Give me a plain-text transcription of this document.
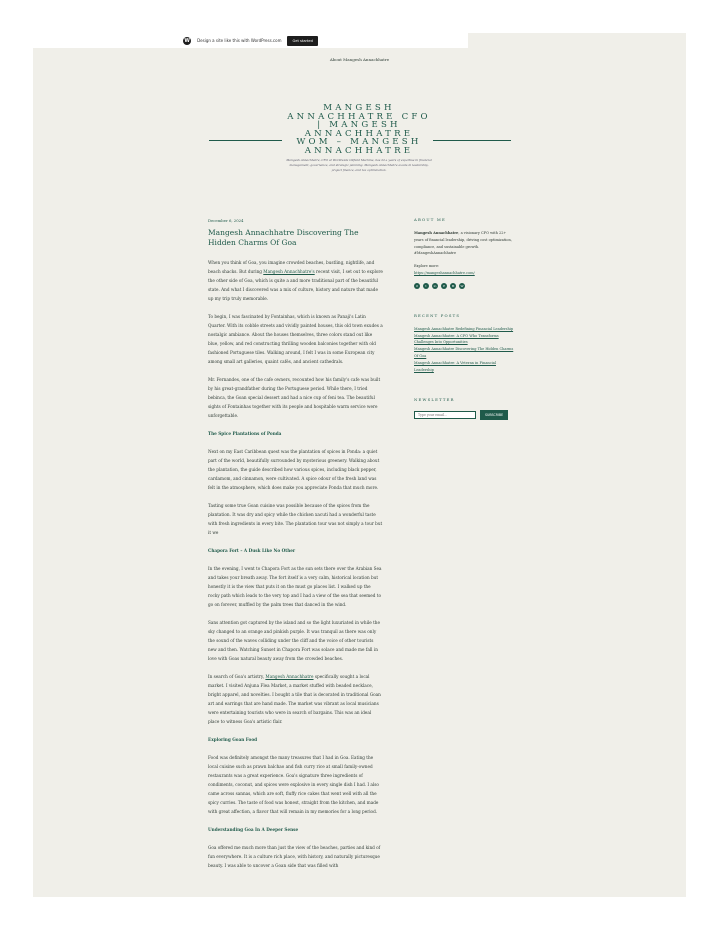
W	Design a site like this with WordPress.com	Get started
About Mangesh Annachhatre
MANGESH ANNACHHATRE CFO | MANGESH ANNACHHATRE WOM – MANGESH ANNACHHATRE
Mangesh Annachhatre, CFO at Worldwide Oilfield Machine, has 22+ years of expertise in financial management, governance, and strategic planning. Mangesh Annachhatre excels in leadership, project finance, and tax optimization.
December 6, 2024
Mangesh Annachhatre Discovering The Hidden Charms Of Goa

When you think of Goa, you imagine crowded beaches, bustling, nightlife, and beach shacks. But during Mangesh Annachhatre's recent visit, I set out to explore the other side of Goa, which is quite a and more traditional part of the beautiful state. And what I discovered was a mix of culture, history and nature that made up my trip truly memorable.

To begin, I was fascinated by Fontainhas, which is known as Panaji's Latin Quarter. With its cobble streets and vividly painted houses, this old town exudes a nostalgic ambiance. About the houses themselves, three colors stand out like blue, yellow, and red constructing thrilling wooden balconies together with old fashioned Portuguese tiles. Walking around, I felt I was in some European city among small art galleries, quaint cafés, and ancient cathedrals.

Mr. Fernandes, one of the cafe owners, recounted how his family's cafe was built by his great-grandfather during the Portuguese period. While there, I tried bebinca, the Goan special dessert and had a nice cup of feni tea. The beautiful sights of Fontainhas together with its people and hospitable warm service were unforgettable.

The Spice Plantations of Ponda

Next on my East Caribbean quest was the plantation of spices in Ponda: a quiet part of the world, beautifully surrounded by mysterious greenery. Walking about the plantation, the guide described how various spices, including black pepper, cardamom, and cinnamon, were cultivated. A spice odour of the fresh land was felt in the atmosphere, which does make you appreciate Ponda that much more.

Tasting some true Goan cuisine was possible because of the spices from the plantation. It was dry and spicy while the chicken xacuti had a wonderful taste with fresh ingredients in every bite. The plantation tour was not simply a tour but it we

Chapora Fort – A Dusk Like No Other

In the evening, I went to Chapora Fort as the sun sets there over the Arabian Sea and takes your breath away. The fort itself is a very calm, historical location but honestly it is the view that puts it on the must go places list. I walked up the rocky path which leads to the very top and I had a view of the sea that seemed to go on forever, muffled by the palm trees that danced in the wind.

Sans attention got captured by the island and so the light luxuriated in while the sky changed to an orange and pinkish purple. It was tranquil as there was only the sound of the waves colliding under the cliff and the voice of other tourists new and then. Watching Sunset in Chapora Fort was solace and made me fall in love with Goas natural beauty away from the crowded beaches.

In search of Goa's artistry, Mangesh Annachhatre specifically sought a local market. I visited Anjuna Flea Market, a market stuffed with beaded necklace, bright apparel, and novelties. I bought a tile that is decorated in traditional Goan art and earrings that are hand made. The market was vibrant as local musicians were entertaining tourists who were in search of bargains. This was an ideal place to witness Goa's artistic flair.

Exploring Goan Food

Food was definitely amongst the many treasures that I had in Goa. Eating the local cuisine such as prawn balchao and fish curry rice at small family-owned restaurants was a great experience. Goa's signature three ingredients of condiments, coconut, and spices were explosive in every single dish I had. I also came across sannas, which are soft, fluffy rice cakes that went well with all the spicy curries. The taste of food was honest, straight from the kitchen, and made with great affection, a flavor that will remain in my memories for a long period.

Understanding Goa In A Deeper Sense

Goa offered me much more than just the view of the beaches, parties and kind of fun everywhere. It is a culture rich place, with history, and naturally picturesque beauty. I was able to uncover a Goan side that was filled with

ABOUT ME

Mangesh Annachhatre, a visionary CFO with 22+ years of financial leadership, driving cost optimization, compliance, and sustainable growth. #MangeshAnnachhatre

Explore more:
https://mangeshannachhatre.com/

X	t	in	P	M	W
RECENT POSTS
Mangesh Annachhatre Redefining Financial Leadership
Mangesh Annachhatre: A CFO Who Transforms Challenges Into Opportunities
Mangesh Annachhatre Discovering The Hidden Charms Of Goa
Mangesh Annachhatre: A Veteran in Financial Leadership
NEWSLETTER
Type your email…
SUBSCRIBE
